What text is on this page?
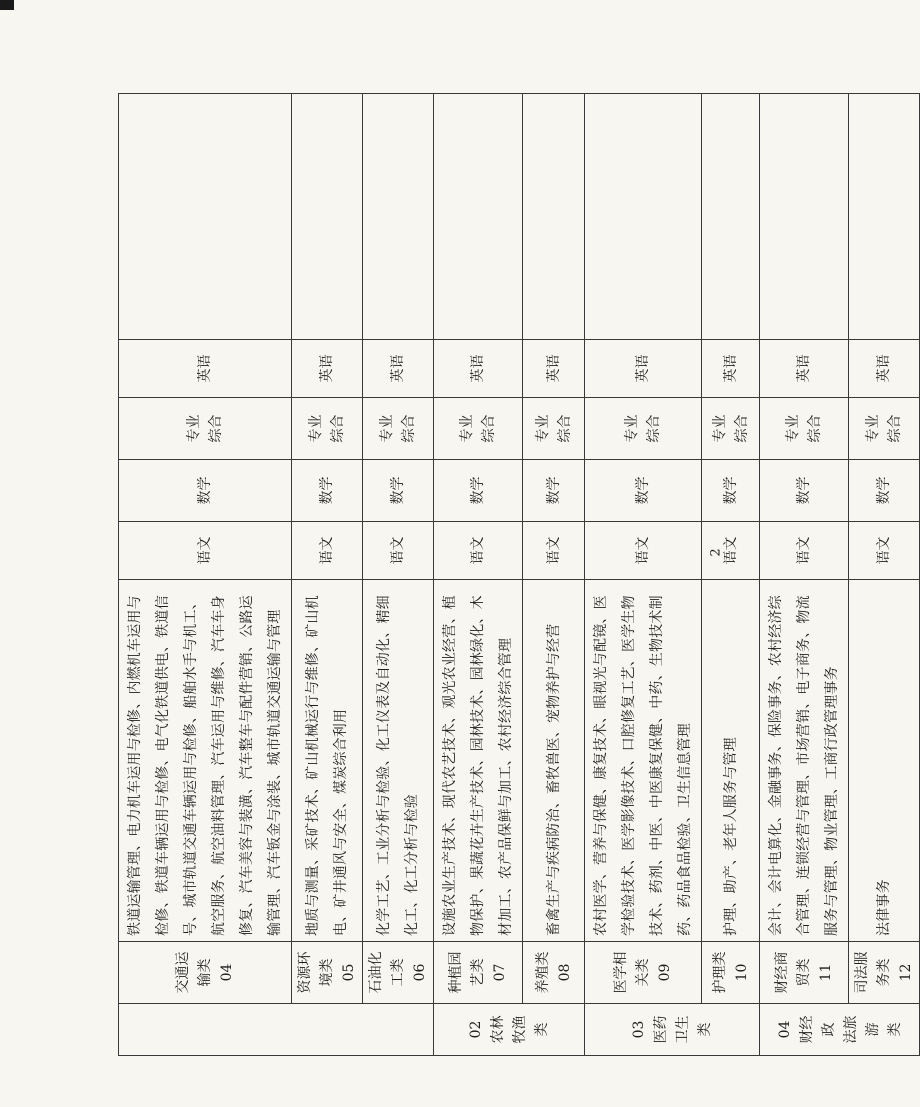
	交通运输类 04	铁道运输管理、电力机车运用与检修、内燃机车运用与检修、铁道车辆运用与检修、电气化铁道供电、铁道信号、城市轨道交通车辆运用与检修、船舶水手与机工、航空服务、航空油料管理、汽车运用与维修、汽车车身修复、汽车美容与装潢、汽车整车与配件营销、公路运输管理、汽车钣金与涂装、城市轨道交通运输与管理	语文	数学	专业 综合	英语	

	资源环境类 05	地质与测量、采矿技术、矿山机械运行与维修、矿山机电、矿井通风与安全、煤炭综合利用	语文	数学	专业 综合	英语	

	石油化工类 06	化学工艺、工业分析与检验、化工仪表及自动化、精细化工、化工分析与检验	语文	数学	专业 综合	英语	

02 农林 牧渔类	种植园艺类 07	设施农业生产技术、现代农艺技术、观光农业经营、植物保护、果蔬花卉生产技术、园林技术、园林绿化、木材加工、农产品保鲜与加工、农村经济综合管理	语文	数学	专业 综合	英语	

	养殖类 08	畜禽生产与疾病防治、畜牧兽医、宠物养护与经营	语文	数学	专业 综合	英语	

03 医药 卫生类	医学相关类 09	农村医学、营养与保健、康复技术、眼视光与配镜、医学检验技术、医学影像技术、口腔修复工艺、医学生物技术、药剂、中医、中医康复保健、中药、生物技术制药、药品食品检验、卫生信息管理	语文	数学	专业 综合	英语	

	护理类 10	护理、助产、老年人服务与管理	语文	数学	专业 综合	英语	

04 财经政 法旅游 类	财经商贸类 11	会计、会计电算化、金融事务、保险事务、农村经济综合管理、连锁经营与管理、市场营销、电子商务、物流服务与管理、物业管理、工商行政管理事务	语文	数学	专业 综合	英语	

	司法服务类 12	法律事务	语文	数学	专业 综合	英语	
2
